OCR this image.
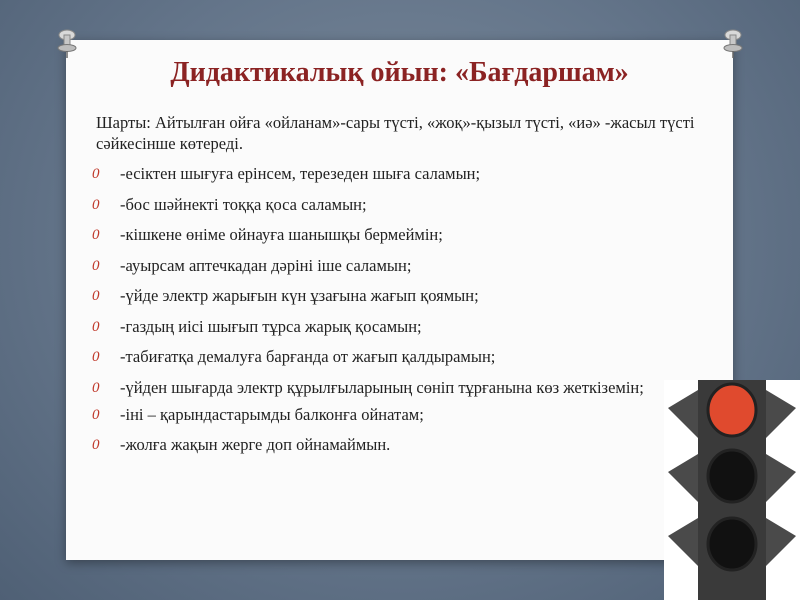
Дидактикалық ойын: «Бағдаршам»
Шарты: Айтылған ойға «ойланам»-сары түсті, «жоқ»-қызыл түсті, «иә» -жасыл түсті сәйкесінше көтереді.
0 -есіктен шығуға ерінсем, терезеден шыға саламын;
0 -бос шәйнекті тоққа қоса саламын;
0 -кішкене өніме ойнауға шанышқы бермеймін;
0 -ауырсам аптечкадан дәріні іше саламын;
0 -үйде электр жарығын күн ұзағына жағып қоямын;
0 -газдың иісі шығып тұрса жарық қосамын;
0 -табиғатқа демалуға барғанда от жағып қалдырамын;
0 -үйден шығарда электр құрылғыларының сөніп тұрғанына көз жеткіземін;
0 -іні – қарындастарымды балконға ойнатам;
0 -жолға жақын жерге доп ойнамаймын.
